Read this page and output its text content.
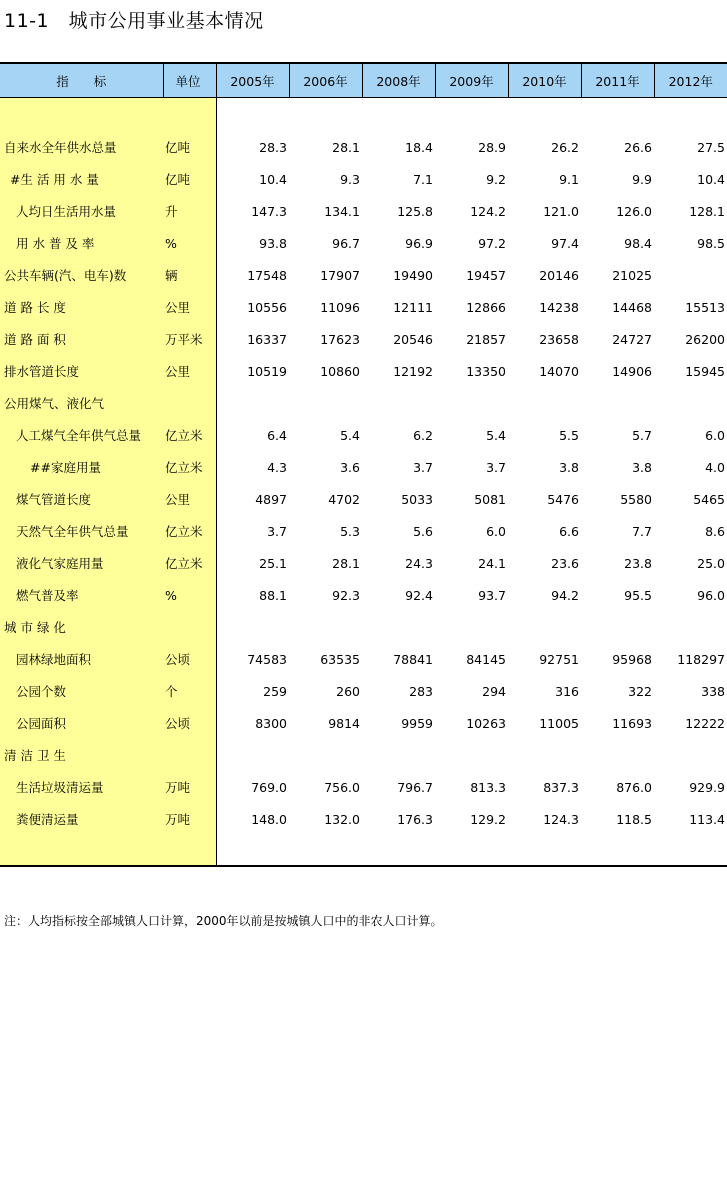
11-1　城市公用事业基本情况
指　　标	单位	2005年	2006年	2008年	2009年	2010年	2011年	2012年

自来水全年供水总量	亿吨	28.3	28.1	18.4	28.9	26.2	26.6	27.5
#生 活 用 水 量	亿吨	10.4	9.3	7.1	9.2	9.1	9.9	10.4
人均日生活用水量	升	147.3	134.1	125.8	124.2	121.0	126.0	128.1
用 水 普 及 率	%	93.8	96.7	96.9	97.2	97.4	98.4	98.5
公共车辆(汽、电车)数	辆	17548	17907	19490	19457	20146	21025	
道 路 长 度	公里	10556	11096	12111	12866	14238	14468	15513
道 路 面 积	万平米	16337	17623	20546	21857	23658	24727	26200
排水管道长度	公里	10519	10860	12192	13350	14070	14906	15945
公用煤气、液化气								
人工煤气全年供气总量	亿立米	6.4	5.4	6.2	5.4	5.5	5.7	6.0
##家庭用量	亿立米	4.3	3.6	3.7	3.7	3.8	3.8	4.0
煤气管道长度	公里	4897	4702	5033	5081	5476	5580	5465
天然气全年供气总量	亿立米	3.7	5.3	5.6	6.0	6.6	7.7	8.6
液化气家庭用量	亿立米	25.1	28.1	24.3	24.1	23.6	23.8	25.0
燃气普及率	%	88.1	92.3	92.4	93.7	94.2	95.5	96.0
城 市 绿 化								
园林绿地面积	公顷	74583	63535	78841	84145	92751	95968	118297
公园个数	个	259	260	283	294	316	322	338
公园面积	公顷	8300	9814	9959	10263	11005	11693	12222
清 洁 卫 生								
生活垃圾清运量	万吨	769.0	756.0	796.7	813.3	837.3	876.0	929.9
粪便清运量	万吨	148.0	132.0	176.3	129.2	124.3	118.5	113.4

注：人均指标按全部城镇人口计算，2000年以前是按城镇人口中的非农人口计算。
